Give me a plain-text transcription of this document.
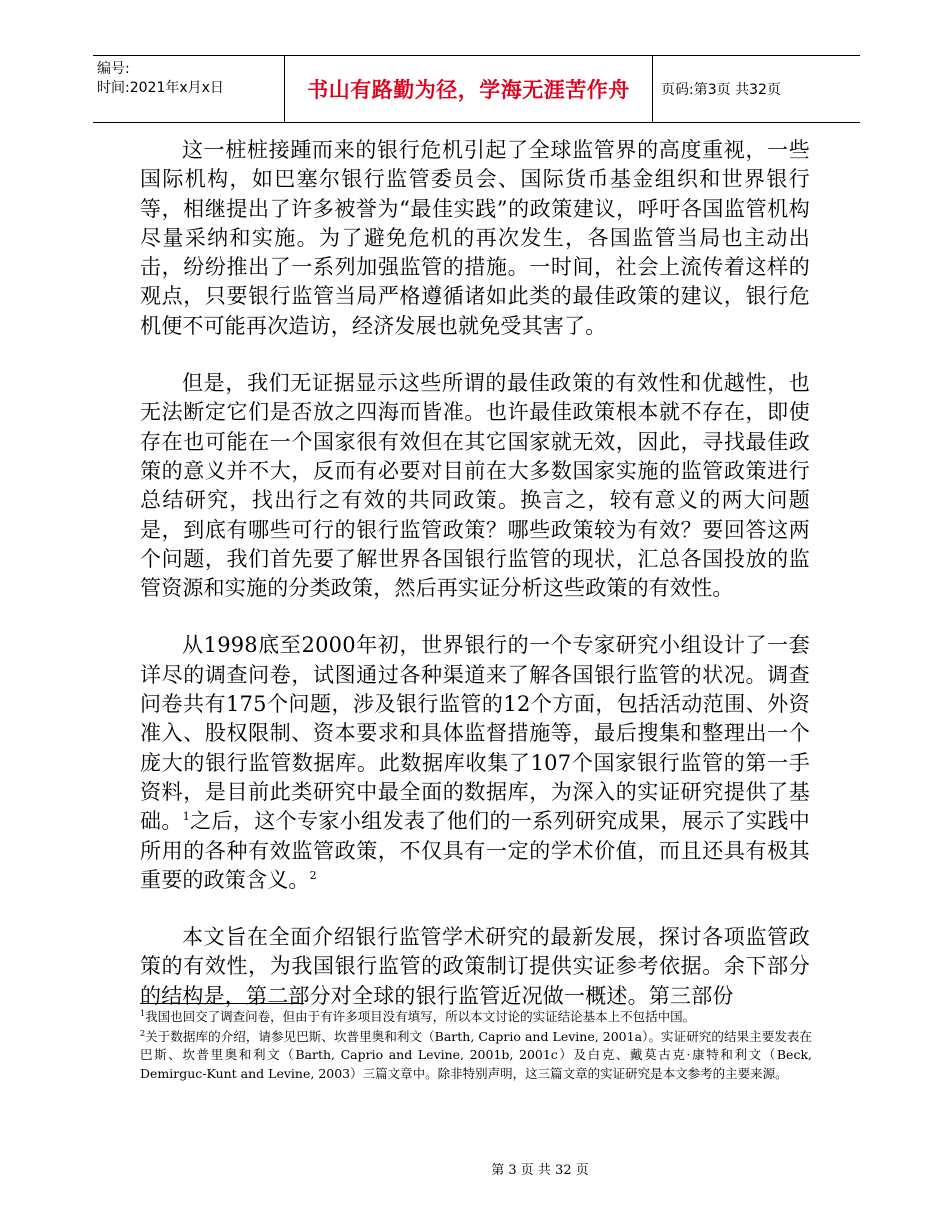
编号:
时间:2021年x月x日	书山有路勤为径，学海无涯苦作舟	页码:第3页 共32页

这一桩桩接踵而来的银行危机引起了全球监管界的高度重视，一些国际机构，如巴塞尔银行监管委员会、国际货币基金组织和世界银行等，相继提出了许多被誉为“最佳实践”的政策建议，呼吁各国监管机构尽量采纳和实施。为了避免危机的再次发生，各国监管当局也主动出击，纷纷推出了一系列加强监管的措施。一时间，社会上流传着这样的观点，只要银行监管当局严格遵循诸如此类的最佳政策的建议，银行危机便不可能再次造访，经济发展也就免受其害了。

但是，我们无证据显示这些所谓的最佳政策的有效性和优越性，也无法断定它们是否放之四海而皆准。也许最佳政策根本就不存在，即使存在也可能在一个国家很有效但在其它国家就无效，因此，寻找最佳政策的意义并不大，反而有必要对目前在大多数国家实施的监管政策进行总结研究，找出行之有效的共同政策。换言之，较有意义的两大问题是，到底有哪些可行的银行监管政策？哪些政策较为有效？要回答这两个问题，我们首先要了解世界各国银行监管的现状，汇总各国投放的监管资源和实施的分类政策，然后再实证分析这些政策的有效性。

从1998底至2000年初，世界银行的一个专家研究小组设计了一套详尽的调查问卷，试图通过各种渠道来了解各国银行监管的状况。调查问卷共有175个问题，涉及银行监管的12个方面，包括活动范围、外资准入、股权限制、资本要求和具体监督措施等，最后搜集和整理出一个庞大的银行监管数据库。此数据库收集了107个国家银行监管的第一手资料，是目前此类研究中最全面的数据库，为深入的实证研究提供了基础。$^1$之后，这个专家小组发表了他们的一系列研究成果，展示了实践中所用的各种有效监管政策，不仅具有一定的学术价值，而且还具有极其重要的政策含义。$^2$

本文旨在全面介绍银行监管学术研究的最新发展，探讨各项监管政策的有效性，为我国银行监管的政策制订提供实证参考依据。余下部分的结构是，第二部分对全球的银行监管近况做一概述。第三部份

$^1$我国也回交了调查问卷，但由于有许多项目没有填写，所以本文讨论的实证结论基本上不包括中国。

$^2$关于数据库的介绍，请参见巴斯、坎普里奥和利文（Barth, Caprio and Levine, 2001a）。实证研究的结果主要发表在巴斯、坎普里奥和利文（Barth, Caprio and Levine, 2001b, 2001c）及白克、戴莫古克·康特和利文（Beck, Demirguc-Kunt and Levine, 2003）三篇文章中。除非特别声明，这三篇文章的实证研究是本文参考的主要来源。

第 3 页 共 32 页
